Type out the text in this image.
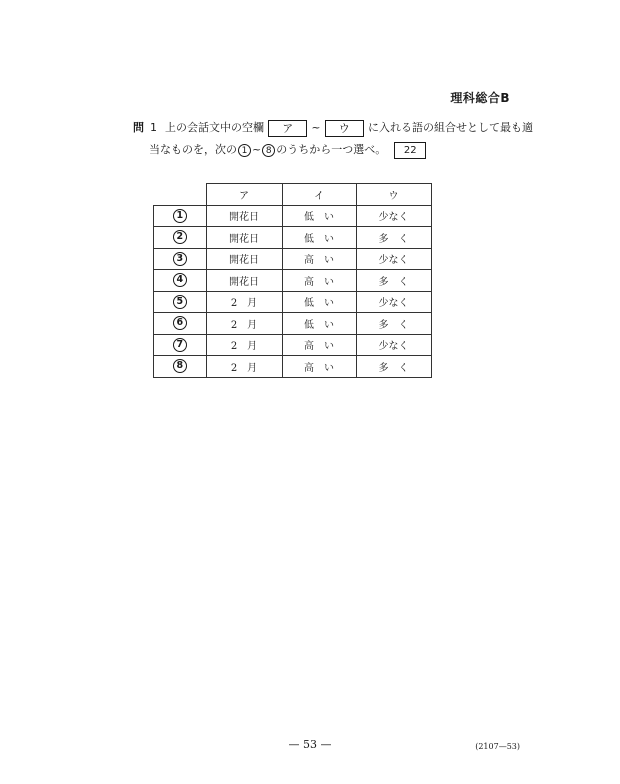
理科総合B
問 1 上の会話文中の空欄	ア	~	ウ	に入れる語の組合せとして最も適
当なものを，次の 1 ~ 8 のうちから一つ選べ。	22
	ア	イ	ウ
1	開花日	低　い	少なく
2	開花日	低　い	多　く
3	開花日	高　い	少なく
4	開花日	高　い	多　く
5	2　月	低　い	少なく
6	2　月	低　い	多　く
7	2　月	高　い	少なく
8	2　月	高　い	多　く
— 53 —	(2107—53)
